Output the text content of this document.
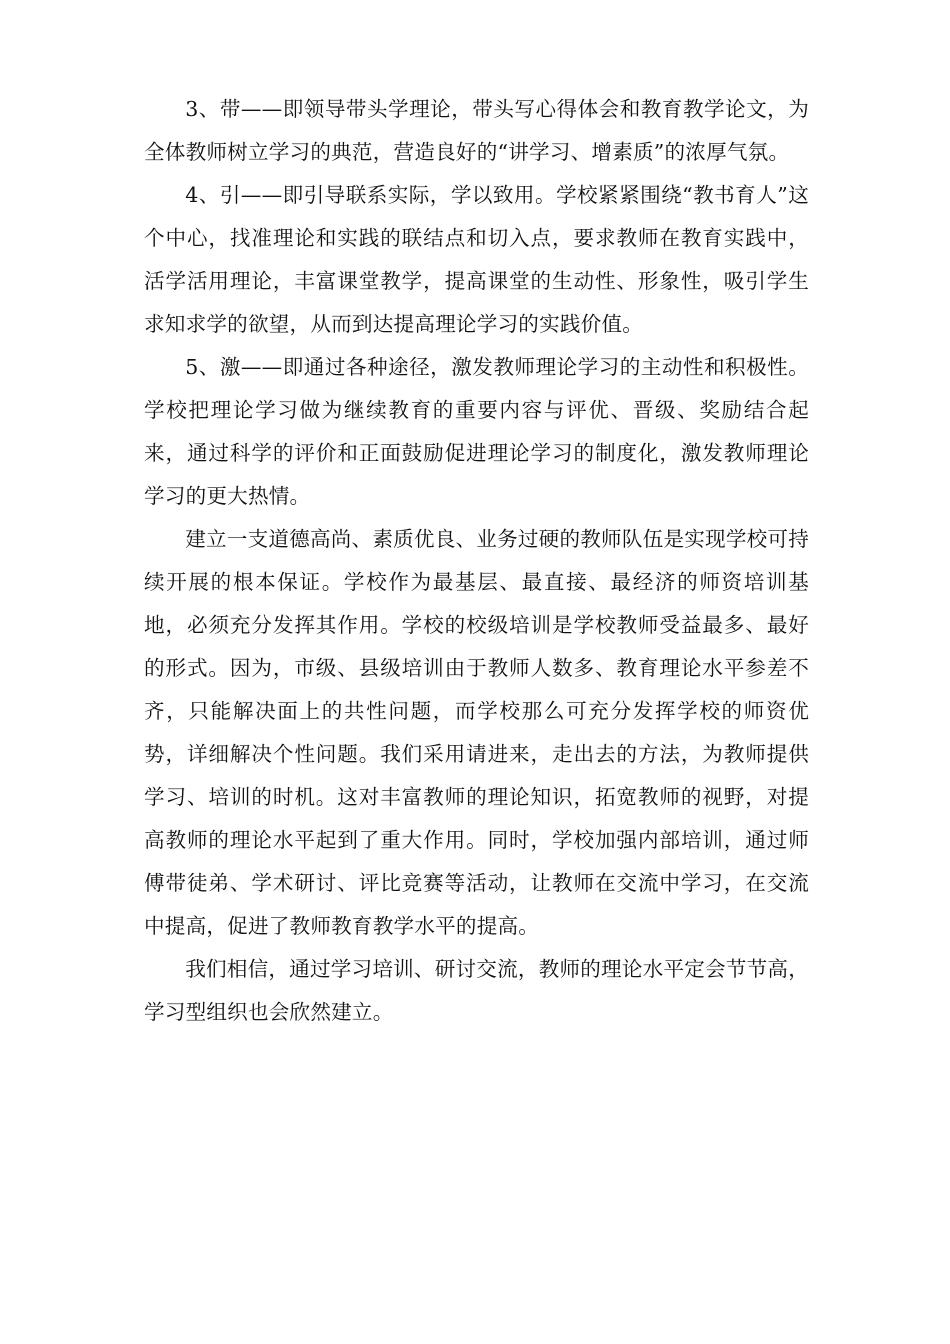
3、带——即领导带头学理论，带头写心得体会和教育教学论文，为全体教师树立学习的典范，营造良好的“讲学习、增素质”的浓厚气氛。

4、引——即引导联系实际，学以致用。学校紧紧围绕“教书育人”这个中心，找准理论和实践的联结点和切入点，要求教师在教育实践中，活学活用理论，丰富课堂教学，提高课堂的生动性、形象性，吸引学生求知求学的欲望，从而到达提高理论学习的实践价值。

5、激——即通过各种途径，激发教师理论学习的主动性和积极性。学校把理论学习做为继续教育的重要内容与评优、晋级、奖励结合起来，通过科学的评价和正面鼓励促进理论学习的制度化，激发教师理论学习的更大热情。

建立一支道德高尚、素质优良、业务过硬的教师队伍是实现学校可持续开展的根本保证。学校作为最基层、最直接、最经济的师资培训基地，必须充分发挥其作用。学校的校级培训是学校教师受益最多、最好的形式。因为，市级、县级培训由于教师人数多、教育理论水平参差不齐，只能解决面上的共性问题，而学校那么可充分发挥学校的师资优势，详细解决个性问题。我们采用请进来，走出去的方法，为教师提供学习、培训的时机。这对丰富教师的理论知识，拓宽教师的视野，对提高教师的理论水平起到了重大作用。同时，学校加强内部培训，通过师傅带徒弟、学术研讨、评比竞赛等活动，让教师在交流中学习，在交流中提高，促进了教师教育教学水平的提高。

我们相信，通过学习培训、研讨交流，教师的理论水平定会节节高，学习型组织也会欣然建立。
